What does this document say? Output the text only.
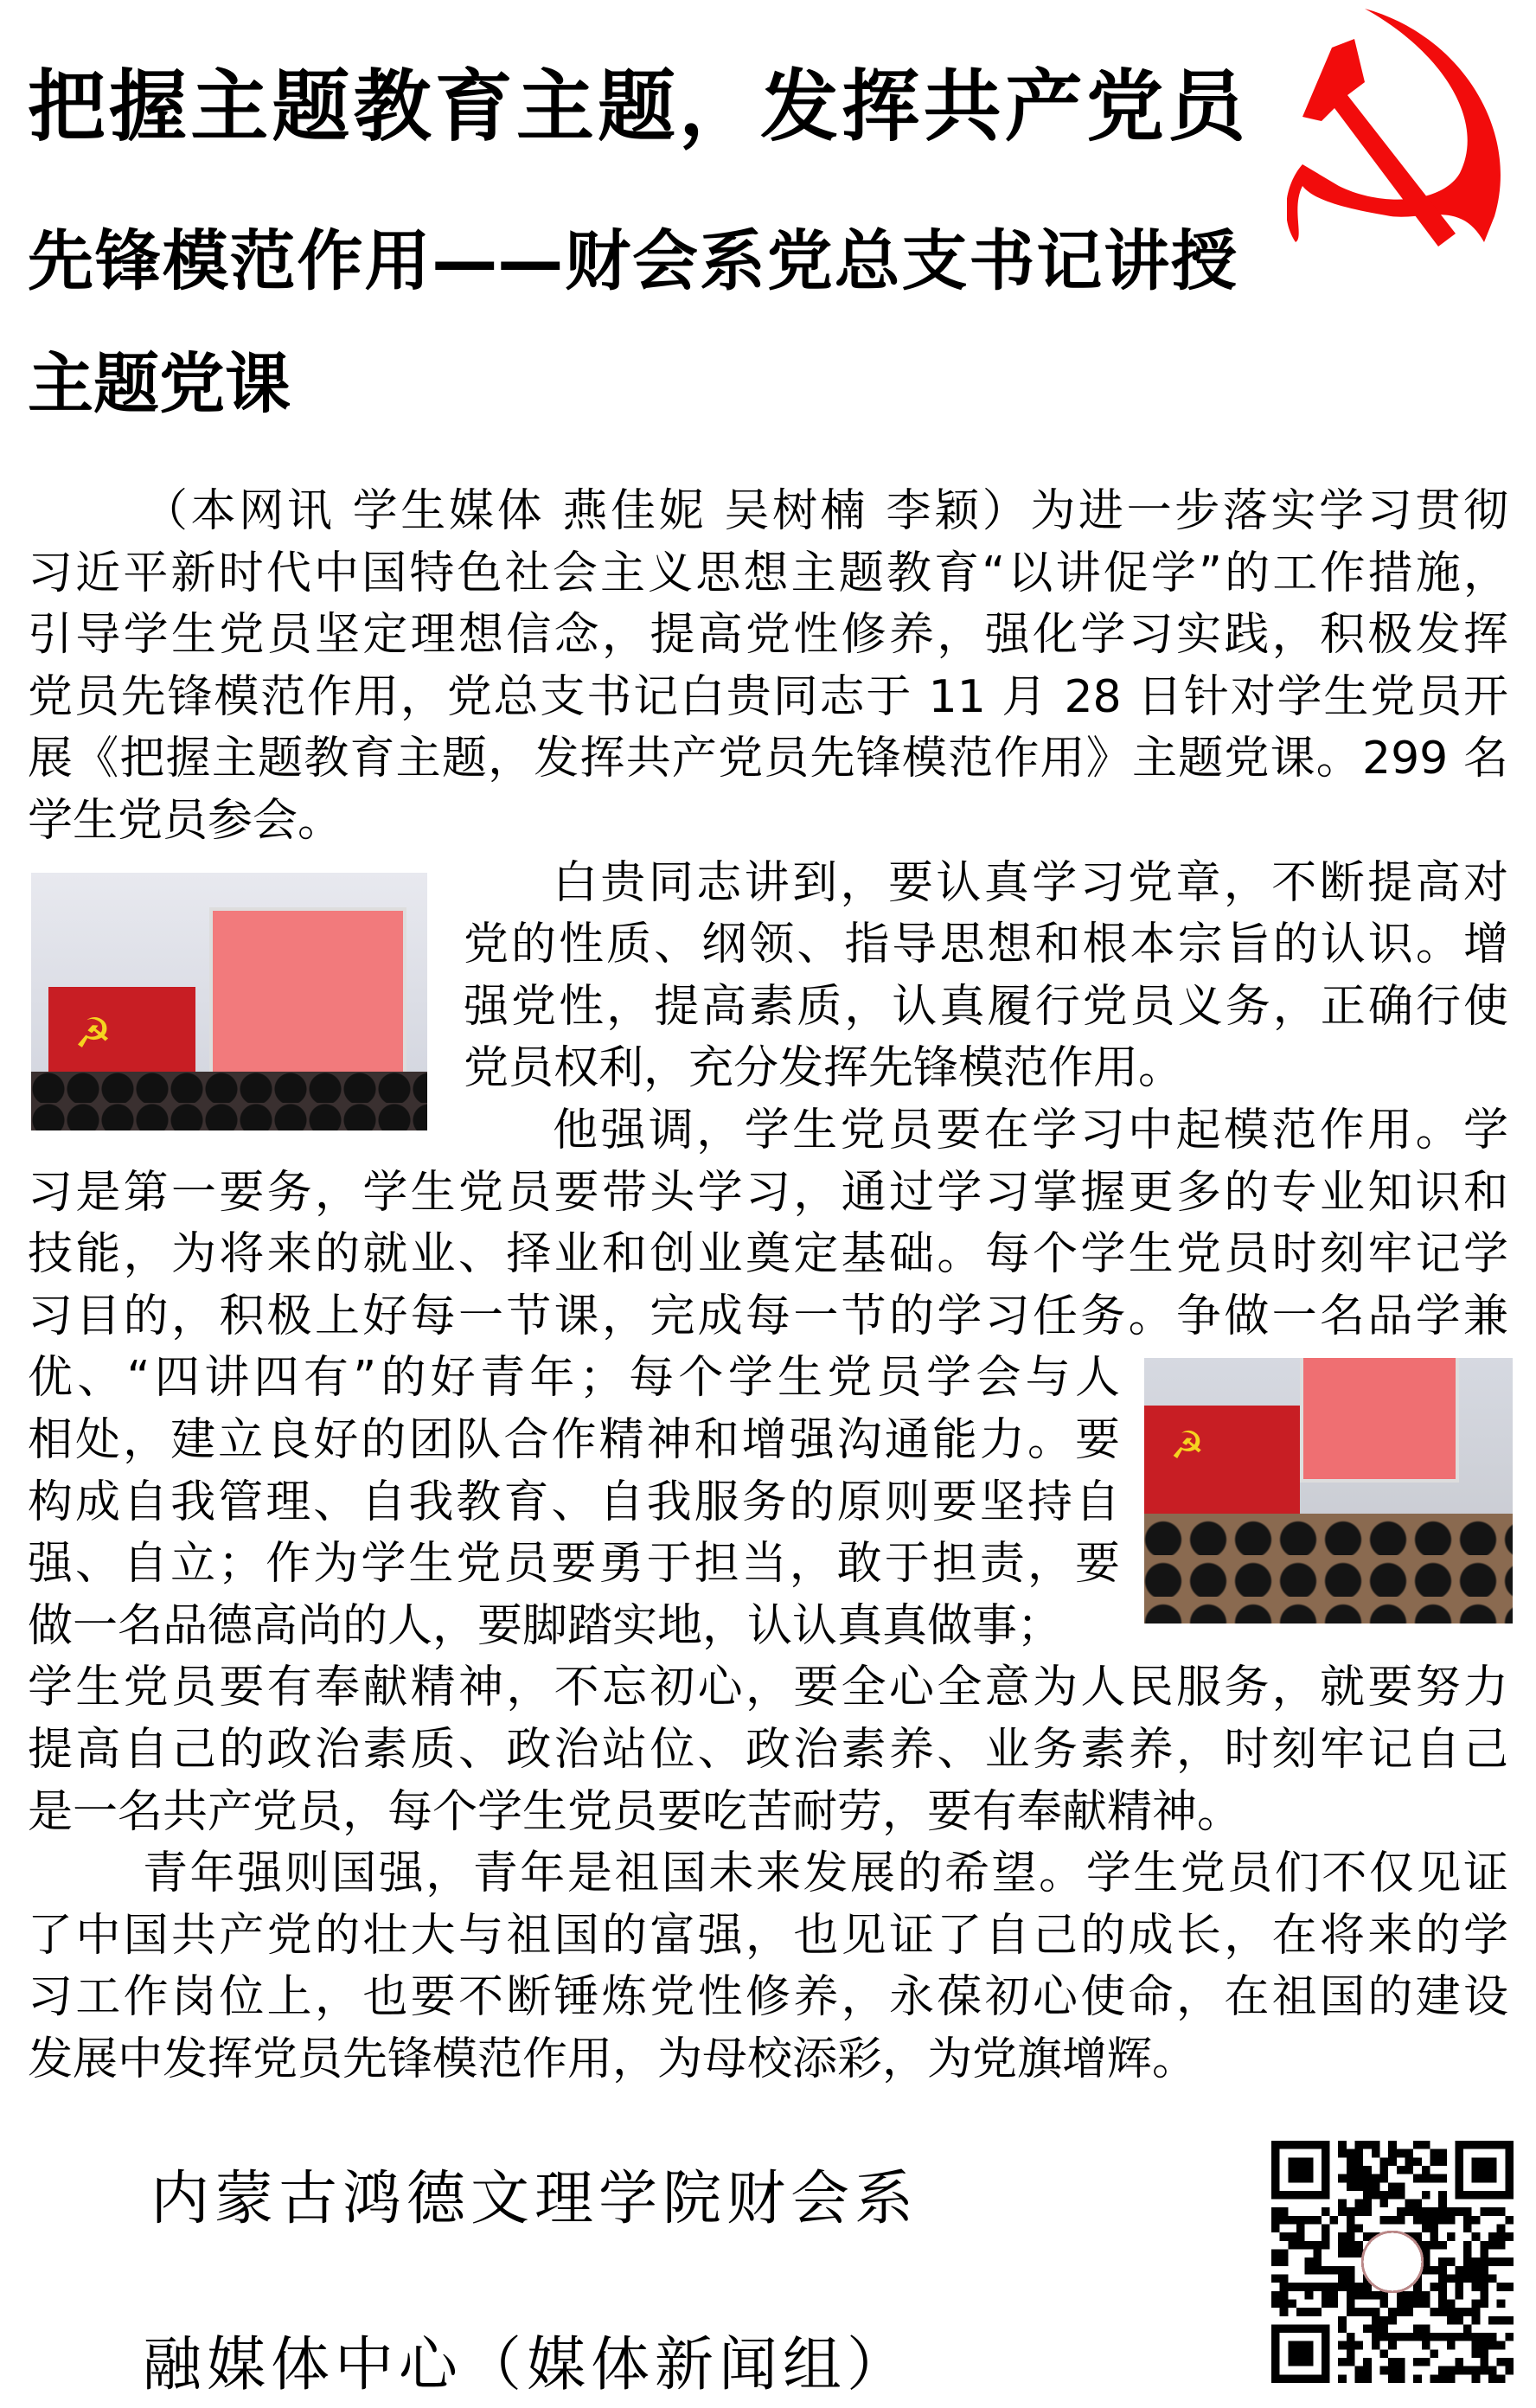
把握主题教育主题，发挥共产党员
先锋模范作用——财会系党总支书记讲授
主题党课
（本网讯 学生媒体 燕佳妮 吴树楠 李颖）为进一步落实学习贯彻
习近平新时代中国特色社会主义思想主题教育“以讲促学”的工作措施，
引导学生党员坚定理想信念，提高党性修养，强化学习实践，积极发挥
党员先锋模范作用，党总支书记白贵同志于 11 月 28 日针对学生党员开
展《把握主题教育主题，发挥共产党员先锋模范作用》主题党课。299 名
学生党员参会。
白贵同志讲到，要认真学习党章，不断提高对
党的性质、纲领、指导思想和根本宗旨的认识。增
强党性，提高素质，认真履行党员义务，正确行使
党员权利，充分发挥先锋模范作用。
他强调，学生党员要在学习中起模范作用。学
习是第一要务，学生党员要带头学习，通过学习掌握更多的专业知识和
技能，为将来的就业、择业和创业奠定基础。每个学生党员时刻牢记学
习目的，积极上好每一节课，完成每一节的学习任务。争做一名品学兼
优、“四讲四有”的好青年；每个学生党员学会与人
相处，建立良好的团队合作精神和增强沟通能力。要
构成自我管理、自我教育、自我服务的原则要坚持自
强、自立；作为学生党员要勇于担当，敢于担责，要
做一名品德高尚的人，要脚踏实地，认认真真做事；
学生党员要有奉献精神，不忘初心，要全心全意为人民服务，就要努力
提高自己的政治素质、政治站位、政治素养、业务素养，时刻牢记自己
是一名共产党员，每个学生党员要吃苦耐劳，要有奉献精神。
青年强则国强，青年是祖国未来发展的希望。学生党员们不仅见证
了中国共产党的壮大与祖国的富强，也见证了自己的成长，在将来的学
习工作岗位上，也要不断锤炼党性修养，永葆初心使命，在祖国的建设
发展中发挥党员先锋模范作用，为母校添彩，为党旗增辉。
☭
☭
内蒙古鸿德文理学院财会系
融媒体中心（媒体新闻组）
